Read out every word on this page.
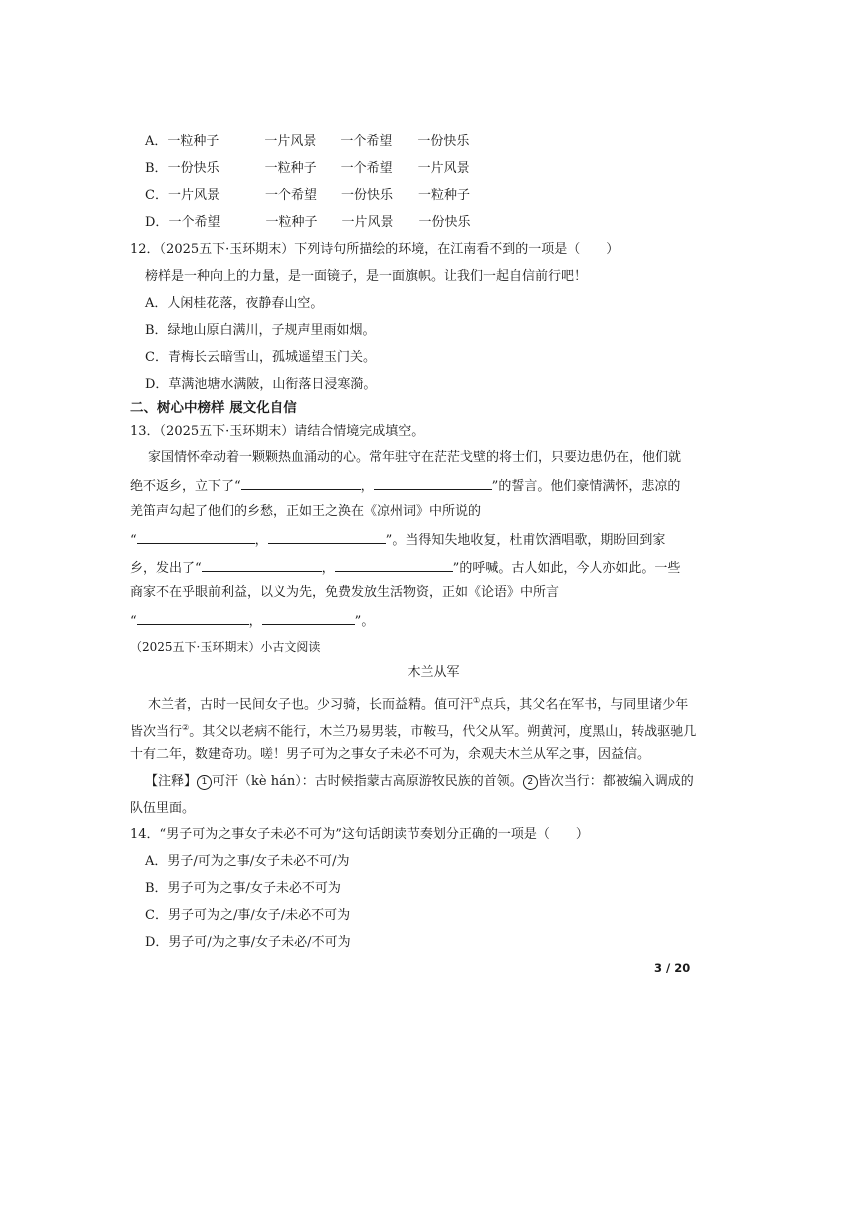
A．一粒种子	一片风景 一个希望 一份快乐
B．一份快乐	一粒种子 一个希望 一片风景
C．一片风景	一个希望 一份快乐 一粒种子
D．一个希望	一粒种子 一片风景 一份快乐
12．（2025五下·玉环期末）下列诗句所描绘的环境，在江南看不到的一项是（　　）
榜样是一种向上的力量，是一面镜子，是一面旗帜。让我们一起自信前行吧！
A．人闲桂花落，夜静春山空。
B．绿地山原白满川，子规声里雨如烟。
C．青梅长云暗雪山，孤城遥望玉门关。
D．草满池塘水满陂，山衔落日浸寒漪。
二、树心中榜样 展文化自信
13．（2025五下·玉环期末）请结合情境完成填空。
家国情怀牵动着一颗颗热血涌动的心。常年驻守在茫茫戈壁的将士们，只要边患仍在，他们就
绝不返乡，立下了“	，	”的誓言。他们豪情满怀，悲凉的
羌笛声勾起了他们的乡愁，正如王之涣在《凉州词》中所说的
“	，	”。当得知失地收复，杜甫饮酒唱歌，期盼回到家
乡，发出了“	，	”的呼喊。古人如此，今人亦如此。一些
商家不在乎眼前利益，以义为先，免费发放生活物资，正如《论语》中所言
“	，	”。
（2025五下·玉环期末）小古文阅读
木兰从军
木兰者，古时一民间女子也。少习骑，长而益精。值可汗①点兵，其父名在军书，与同里诸少年
皆次当行②。其父以老病不能行，木兰乃易男装，市鞍马，代父从军。朔黄河，度黑山，转战驱驰几
十有二年，数建奇功。嗟！男子可为之事女子未必不可为，余观夫木兰从军之事，因益信。
【注释】 1 可汗（kè hán）：古时候指蒙古高原游牧民族的首领。 2 皆次当行：都被编入调成的
队伍里面。
14．“男子可为之事女子未必不可为”这句话朗读节奏划分正确的一项是（　　）
A．男子/可为之事/女子未必不可/为
B．男子可为之事/女子未必不可为
C．男子可为之/事/女子/未必不可为
D．男子可/为之事/女子未必/不可为
3 / 20
